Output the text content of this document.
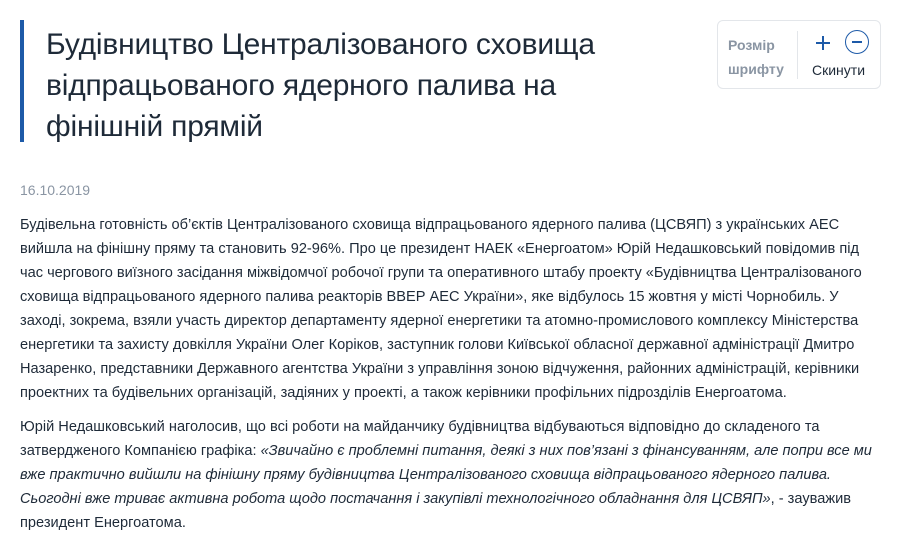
Будівництво Централізованого сховища відпрацьованого ядерного палива на фінішній прямій
Розмір шрифту	Скинути
16.10.2019

Будівельна готовність об’єктів Централізованого сховища відпрацьованого ядерного палива (ЦСВЯП) з українських АЕС вийшла на фінішну пряму та становить 92-96%. Про це президент НАЕК «Енергоатом» Юрій Недашковський повідомив під час чергового виїзного засідання міжвідомчої робочої групи та оперативного штабу проекту «Будівництва Централізованого сховища відпрацьованого ядерного палива реакторів ВВЕР АЕС України», яке відбулось 15 жовтня у місті Чорнобиль. У заході, зокрема, взяли участь директор департаменту ядерної енергетики та атомно-промислового комплексу Міністерства енергетики та захисту довкілля України Олег Коріков, заступник голови Київської обласної державної адміністрації Дмитро Назаренко, представники Державного агентства України з управління зоною відчуження, районних адміністрацій, керівники проектних та будівельних організацій, задіяних у проекті, а також керівники профільних підрозділів Енергоатома.

Юрій Недашковський наголосив, що всі роботи на майданчику будівництва відбуваються відповідно до складеного та затвердженого Компанією графіка: «Звичайно є проблемні питання, деякі з них пов’язані з фінансуванням, але попри все ми вже практично вийшли на фінішну пряму будівництва Централізованого сховища відпрацьованого ядерного палива. Сьогодні вже триває активна робота щодо постачання і закупівлі технологічного обладнання для ЦСВЯП», - зауважив президент Енергоатома.
